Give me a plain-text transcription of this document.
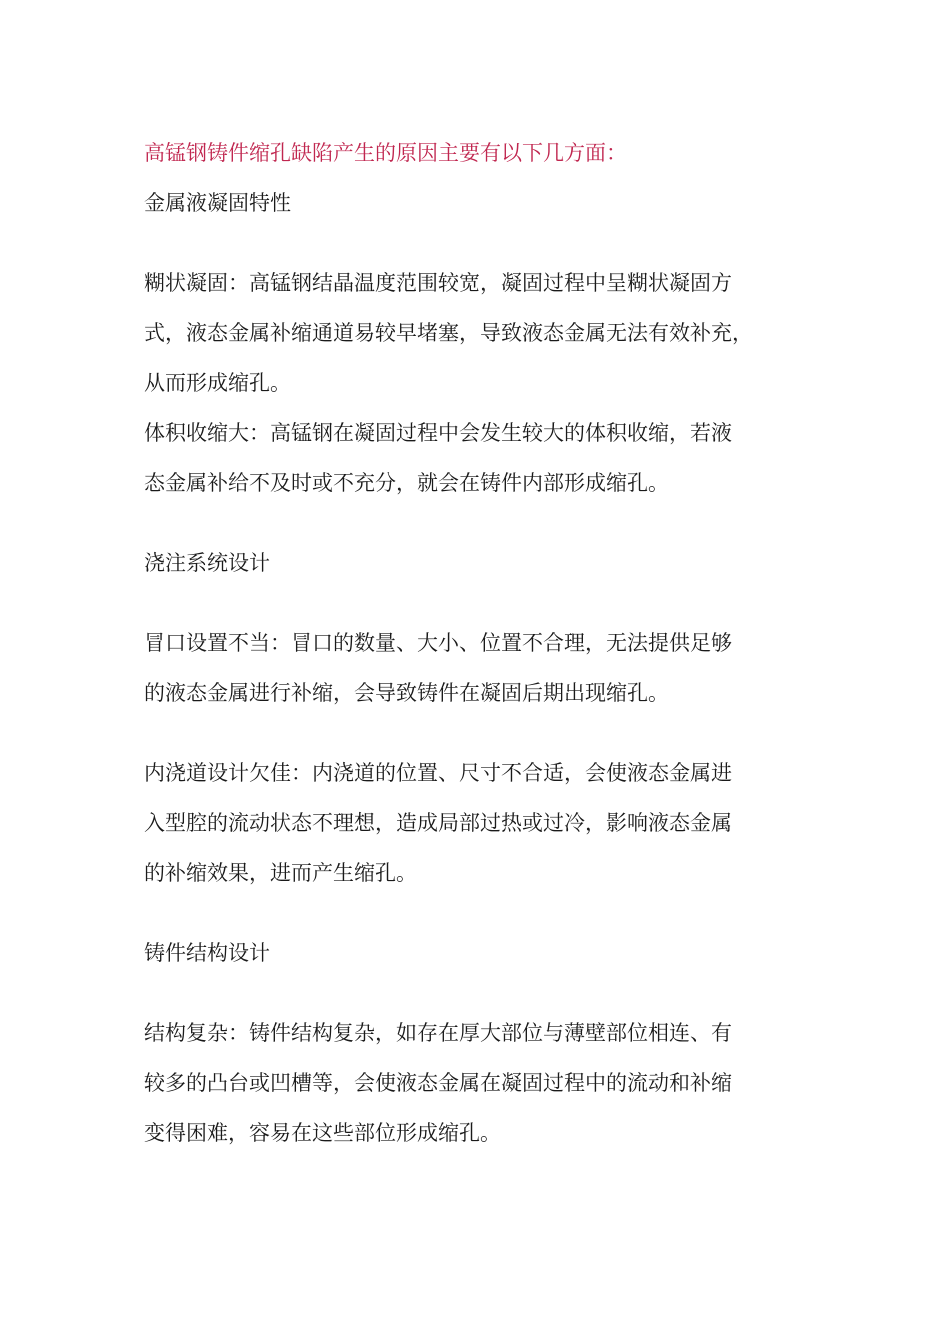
高锰钢铸件缩孔缺陷产生的原因主要有以下几方面：

金属液凝固特性

糊状凝固：高锰钢结晶温度范围较宽，凝固过程中呈糊状凝固方
式，液态金属补缩通道易较早堵塞，导致液态金属无法有效补充，
从而形成缩孔。
体积收缩大：高锰钢在凝固过程中会发生较大的体积收缩，若液
态金属补给不及时或不充分，就会在铸件内部形成缩孔。

浇注系统设计

冒口设置不当：冒口的数量、大小、位置不合理，无法提供足够
的液态金属进行补缩，会导致铸件在凝固后期出现缩孔。
内浇道设计欠佳：内浇道的位置、尺寸不合适，会使液态金属进
入型腔的流动状态不理想，造成局部过热或过冷，影响液态金属
的补缩效果，进而产生缩孔。

铸件结构设计

结构复杂：铸件结构复杂，如存在厚大部位与薄壁部位相连、有
较多的凸台或凹槽等，会使液态金属在凝固过程中的流动和补缩
变得困难，容易在这些部位形成缩孔。
